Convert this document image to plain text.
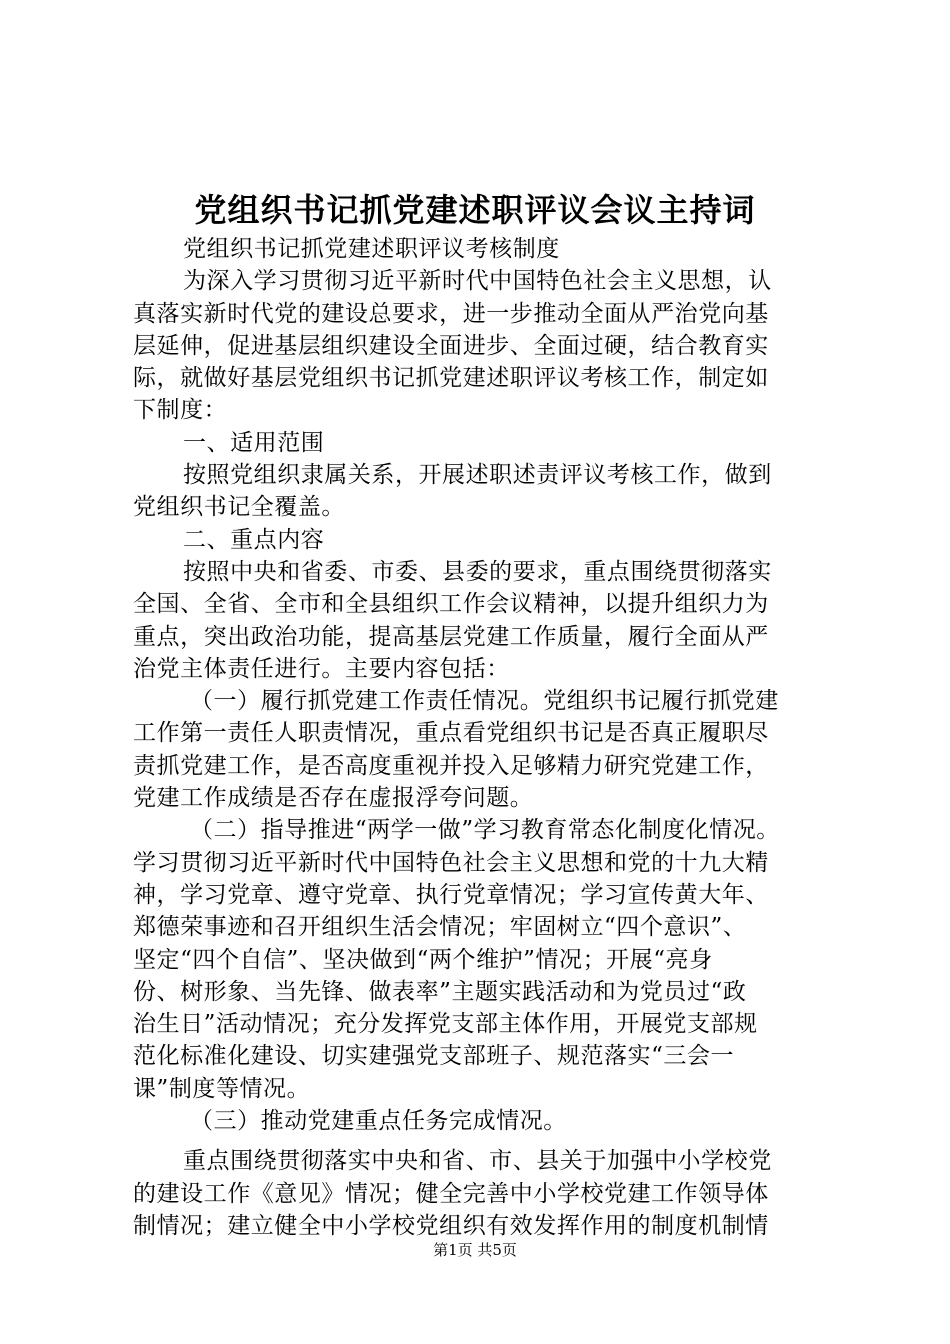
党组织书记抓党建述职评议会议主持词
党组织书记抓党建述职评议考核制度
为深入学习贯彻习近平新时代中国特色社会主义思想，认
真落实新时代党的建设总要求，进一步推动全面从严治党向基
层延伸，促进基层组织建设全面进步、全面过硬，结合教育实
际，就做好基层党组织书记抓党建述职评议考核工作，制定如
下制度：
一、适用范围
按照党组织隶属关系，开展述职述责评议考核工作，做到
党组织书记全覆盖。
二、重点内容
按照中央和省委、市委、县委的要求，重点围绕贯彻落实
全国、全省、全市和全县组织工作会议精神，以提升组织力为
重点，突出政治功能，提高基层党建工作质量，履行全面从严
治党主体责任进行。主要内容包括：
（一）履行抓党建工作责任情况。党组织书记履行抓党建
工作第一责任人职责情况，重点看党组织书记是否真正履职尽
责抓党建工作，是否高度重视并投入足够精力研究党建工作，
党建工作成绩是否存在虚报浮夸问题。
（二）指导推进“两学一做”学习教育常态化制度化情况。
学习贯彻习近平新时代中国特色社会主义思想和党的十九大精
神，学习党章、遵守党章、执行党章情况；学习宣传黄大年、
郑德荣事迹和召开组织生活会情况；牢固树立“四个意识”、
坚定“四个自信”、坚决做到“两个维护”情况；开展“亮身
份、树形象、当先锋、做表率”主题实践活动和为党员过“政
治生日”活动情况；充分发挥党支部主体作用，开展党支部规
范化标准化建设、切实建强党支部班子、规范落实“三会一
课”制度等情况。
（三）推动党建重点任务完成情况。
重点围绕贯彻落实中央和省、市、县关于加强中小学校党
的建设工作《意见》情况；健全完善中小学校党建工作领导体
制情况；建立健全中小学校党组织有效发挥作用的制度机制情
第1页 共5页
